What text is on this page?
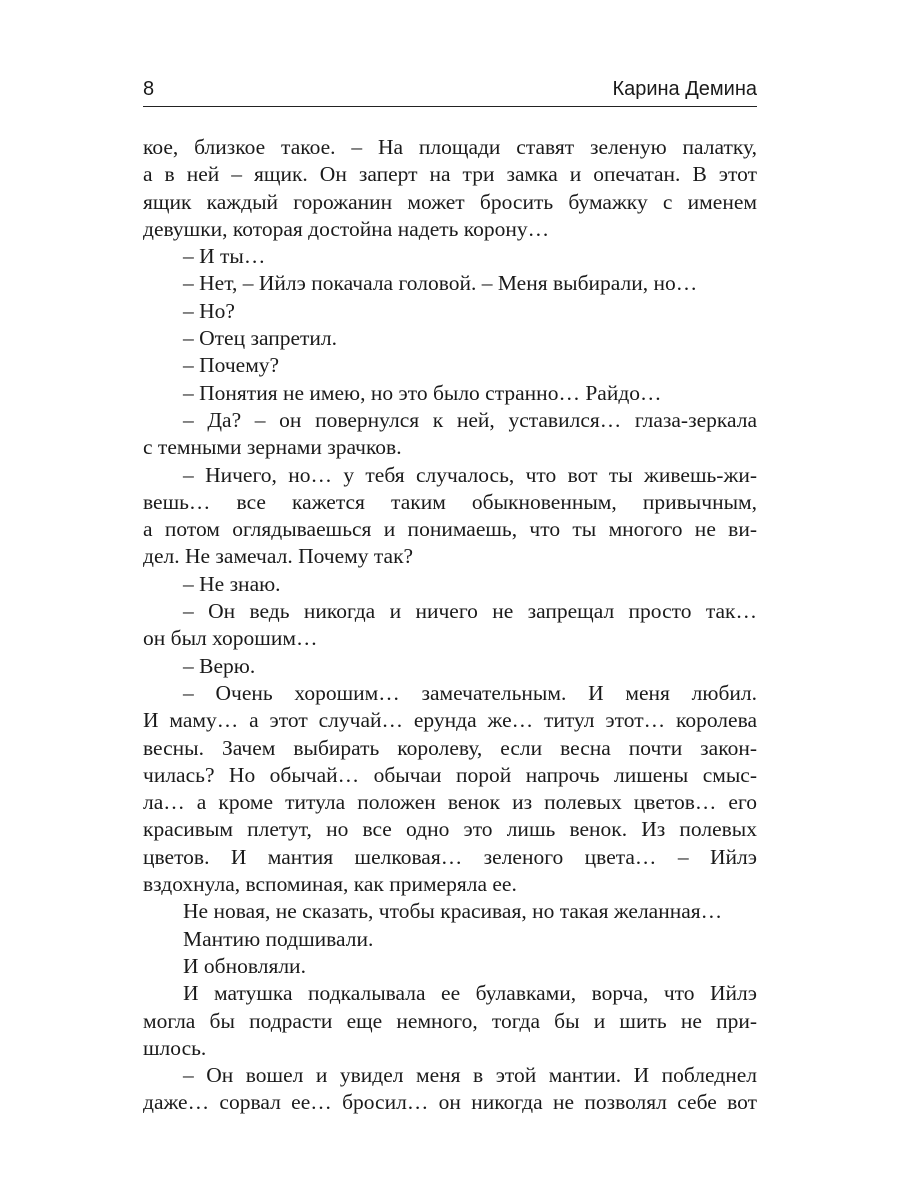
8	Карина Демина
кое, близкое такое. – На площади ставят зеленую палатку,
а в ней – ящик. Он заперт на три замка и опечатан. В этот
ящик каждый горожанин может бросить бумажку с именем
девушки, которая достойна надеть корону…
– И ты…
– Нет, – Ийлэ покачала головой. – Меня выбирали, но…
– Но?
– Отец запретил.
– Почему?
– Понятия не имею, но это было странно… Райдо…
– Да? – он повернулся к ней, уставился… глаза-зеркала
с темными зернами зрачков.
– Ничего, но… у тебя случалось, что вот ты живешь-жи-
вешь… все кажется таким обыкновенным, привычным,
а потом оглядываешься и понимаешь, что ты многого не ви-
дел. Не замечал. Почему так?
– Не знаю.
– Он ведь никогда и ничего не запрещал просто так…
он был хорошим…
– Верю.
– Очень хорошим… замечательным. И меня любил.
И маму… а этот случай… ерунда же… титул этот… королева
весны. Зачем выбирать королеву, если весна почти закон-
чилась? Но обычай… обычаи порой напрочь лишены смыс-
ла… а кроме титула положен венок из полевых цветов… его
красивым плетут, но все одно это лишь венок. Из полевых
цветов. И мантия шелковая… зеленого цвета… – Ийлэ
вздохнула, вспоминая, как примеряла ее.
Не новая, не сказать, чтобы красивая, но такая желанная…
Мантию подшивали.
И обновляли.
И матушка подкалывала ее булавками, ворча, что Ийлэ
могла бы подрасти еще немного, тогда бы и шить не при-
шлось.
– Он вошел и увидел меня в этой мантии. И побледнел
даже… сорвал ее… бросил… он никогда не позволял себе вот
